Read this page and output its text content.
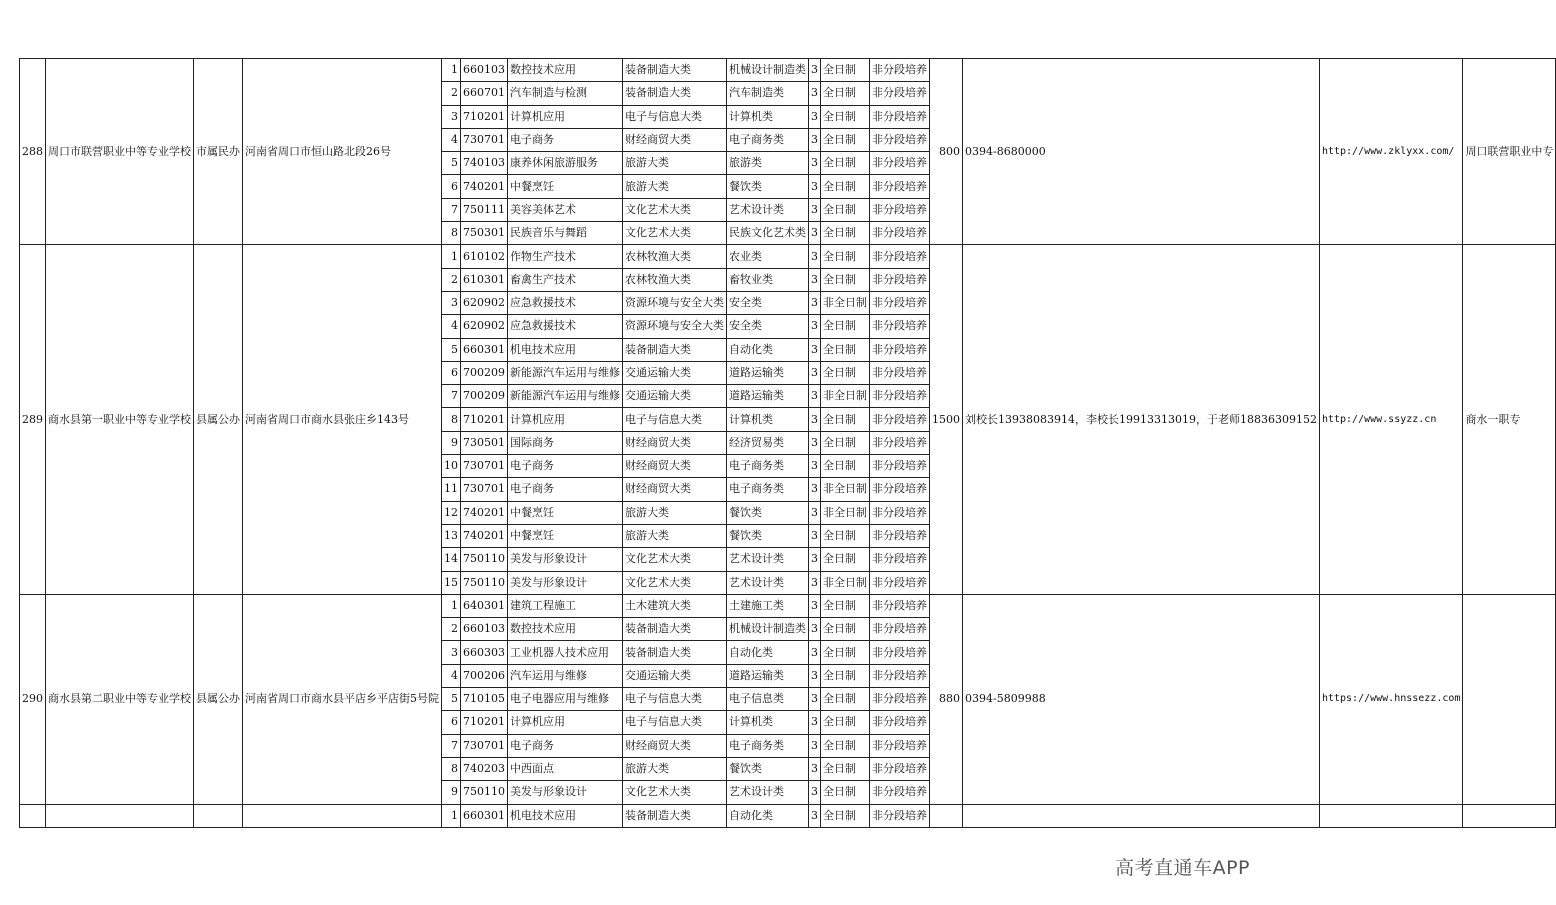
288	周口市联营职业中等专业学校	市属民办	河南省周口市恒山路北段26号	1	660103	数控技术应用	装备制造大类	机械设计制造类	3	全日制	非分段培养	800	0394-8680000	http://www.zklyxx.com/	周口联营职业中专
				2	660701	汽车制造与检测	装备制造大类	汽车制造类	3	全日制	非分段培养				
				3	710201	计算机应用	电子与信息大类	计算机类	3	全日制	非分段培养				
				4	730701	电子商务	财经商贸大类	电子商务类	3	全日制	非分段培养				
				5	740103	康养休闲旅游服务	旅游大类	旅游类	3	全日制	非分段培养				
				6	740201	中餐烹饪	旅游大类	餐饮类	3	全日制	非分段培养				
				7	750111	美容美体艺术	文化艺术大类	艺术设计类	3	全日制	非分段培养				
				8	750301	民族音乐与舞蹈	文化艺术大类	民族文化艺术类	3	全日制	非分段培养				
289	商水县第一职业中等专业学校	县属公办	河南省周口市商水县张庄乡143号	1	610102	作物生产技术	农林牧渔大类	农业类	3	全日制	非分段培养	1500	刘校长13938083914，李校长19913313019，于老师18836309152	http://www.ssyzz.cn	商水一职专
				2	610301	畜禽生产技术	农林牧渔大类	畜牧业类	3	全日制	非分段培养				
				3	620902	应急救援技术	资源环境与安全大类	安全类	3	非全日制	非分段培养				
				4	620902	应急救援技术	资源环境与安全大类	安全类	3	全日制	非分段培养				
				5	660301	机电技术应用	装备制造大类	自动化类	3	全日制	非分段培养				
				6	700209	新能源汽车运用与维修	交通运输大类	道路运输类	3	全日制	非分段培养				
				7	700209	新能源汽车运用与维修	交通运输大类	道路运输类	3	非全日制	非分段培养				
				8	710201	计算机应用	电子与信息大类	计算机类	3	全日制	非分段培养				
				9	730501	国际商务	财经商贸大类	经济贸易类	3	全日制	非分段培养				
				10	730701	电子商务	财经商贸大类	电子商务类	3	全日制	非分段培养				
				11	730701	电子商务	财经商贸大类	电子商务类	3	非全日制	非分段培养				
				12	740201	中餐烹饪	旅游大类	餐饮类	3	非全日制	非分段培养				
				13	740201	中餐烹饪	旅游大类	餐饮类	3	全日制	非分段培养				
				14	750110	美发与形象设计	文化艺术大类	艺术设计类	3	全日制	非分段培养				
				15	750110	美发与形象设计	文化艺术大类	艺术设计类	3	非全日制	非分段培养				
290	商水县第二职业中等专业学校	县属公办	河南省周口市商水县平店乡平店街5号院	1	640301	建筑工程施工	土木建筑大类	土建施工类	3	全日制	非分段培养	880	0394-5809988	https://www.hnssezz.com	
				2	660103	数控技术应用	装备制造大类	机械设计制造类	3	全日制	非分段培养				
				3	660303	工业机器人技术应用	装备制造大类	自动化类	3	全日制	非分段培养				
				4	700206	汽车运用与维修	交通运输大类	道路运输类	3	全日制	非分段培养				
				5	710105	电子电器应用与维修	电子与信息大类	电子信息类	3	全日制	非分段培养				
				6	710201	计算机应用	电子与信息大类	计算机类	3	全日制	非分段培养				
				7	730701	电子商务	财经商贸大类	电子商务类	3	全日制	非分段培养				
				8	740203	中西面点	旅游大类	餐饮类	3	全日制	非分段培养				
				9	750110	美发与形象设计	文化艺术大类	艺术设计类	3	全日制	非分段培养				
				1	660301	机电技术应用	装备制造大类	自动化类	3	全日制	非分段培养				
高考直通车APP
